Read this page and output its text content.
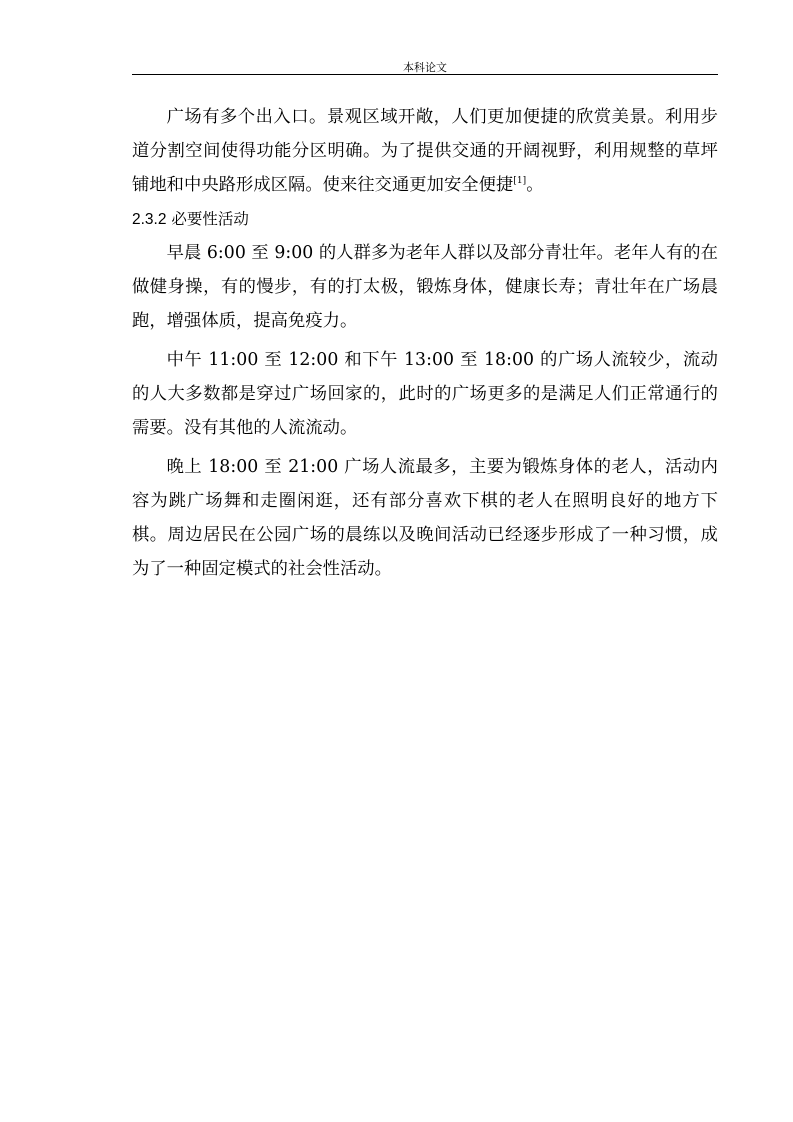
本科论文

广场有多个出入口。景观区域开敞，人们更加便捷的欣赏美景。利用步道分割空间使得功能分区明确。为了提供交通的开阔视野，利用规整的草坪铺地和中央路形成区隔。使来往交通更加安全便捷[1]。

2.3.2 必要性活动

早晨 6:00 至 9:00 的人群多为老年人群以及部分青壮年。老年人有的在做健身操，有的慢步，有的打太极，锻炼身体，健康长寿；青壮年在广场晨跑，增强体质，提高免疫力。

中午 11:00 至 12:00 和下午 13:00 至 18:00 的广场人流较少，流动的人大多数都是穿过广场回家的，此时的广场更多的是满足人们正常通行的需要。没有其他的人流流动。

晚上 18:00 至 21:00 广场人流最多，主要为锻炼身体的老人，活动内容为跳广场舞和走圈闲逛，还有部分喜欢下棋的老人在照明良好的地方下棋。周边居民在公园广场的晨练以及晚间活动已经逐步形成了一种习惯，成为了一种固定模式的社会性活动。
